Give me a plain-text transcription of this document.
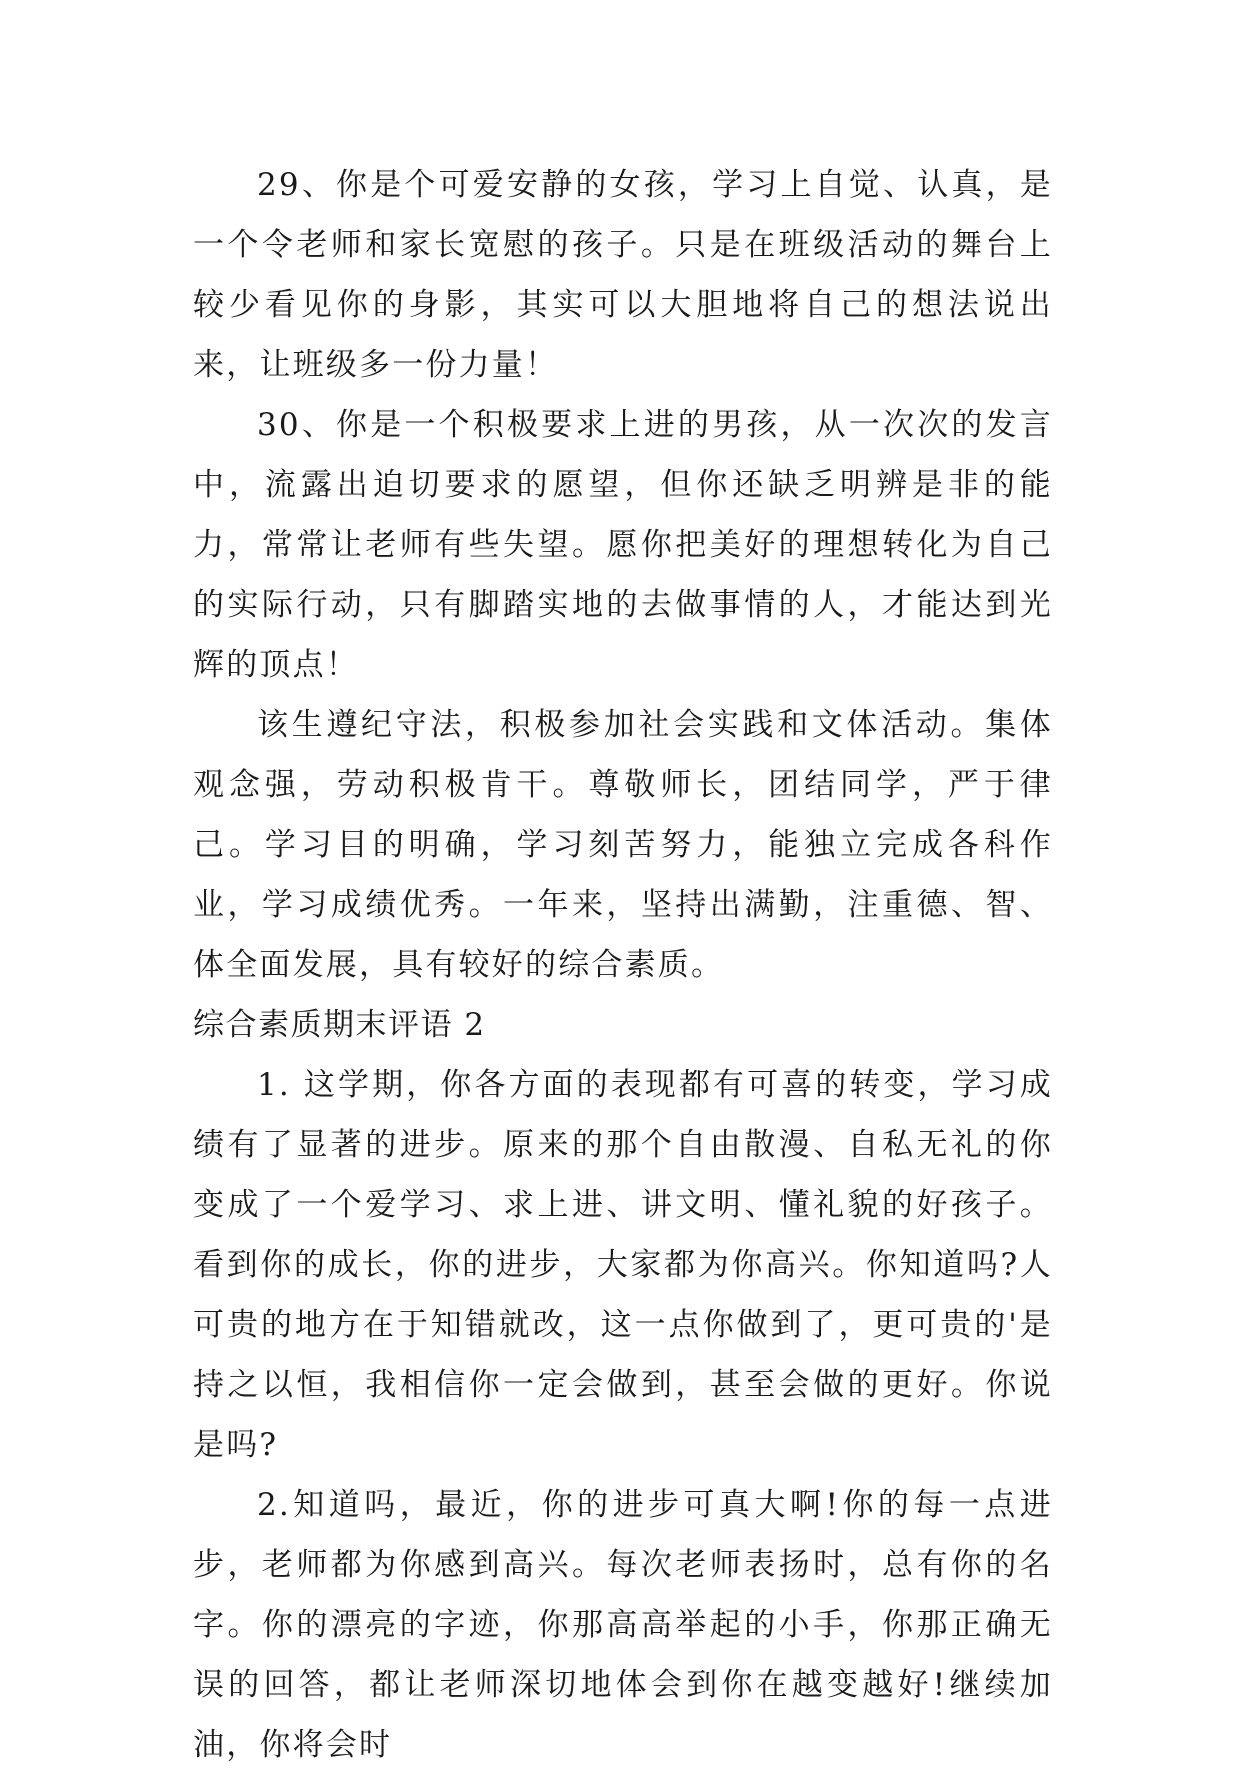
29、你是个可爱安静的女孩，学习上自觉、认真，是一个令老师和家长宽慰的孩子。只是在班级活动的舞台上较少看见你的身影，其实可以大胆地将自己的想法说出来，让班级多一份力量！

30、你是一个积极要求上进的男孩，从一次次的发言中，流露出迫切要求的愿望，但你还缺乏明辨是非的能力，常常让老师有些失望。愿你把美好的理想转化为自己的实际行动，只有脚踏实地的去做事情的人，才能达到光辉的顶点！

该生遵纪守法，积极参加社会实践和文体活动。集体观念强，劳动积极肯干。尊敬师长，团结同学，严于律己。学习目的明确，学习刻苦努力，能独立完成各科作业，学习成绩优秀。一年来，坚持出满勤，注重德、智、体全面发展，具有较好的综合素质。

综合素质期末评语 2

1. 这学期，你各方面的表现都有可喜的转变，学习成绩有了显著的进步。原来的那个自由散漫、自私无礼的你变成了一个爱学习、求上进、讲文明、懂礼貌的好孩子。看到你的成长，你的进步，大家都为你高兴。你知道吗?人可贵的地方在于知错就改，这一点你做到了，更可贵的'是持之以恒，我相信你一定会做到，甚至会做的更好。你说是吗?

2.知道吗，最近，你的进步可真大啊!你的每一点进步，老师都为你感到高兴。每次老师表扬时，总有你的名字。你的漂亮的字迹，你那高高举起的小手，你那正确无误的回答，都让老师深切地体会到你在越变越好!继续加油，你将会时
